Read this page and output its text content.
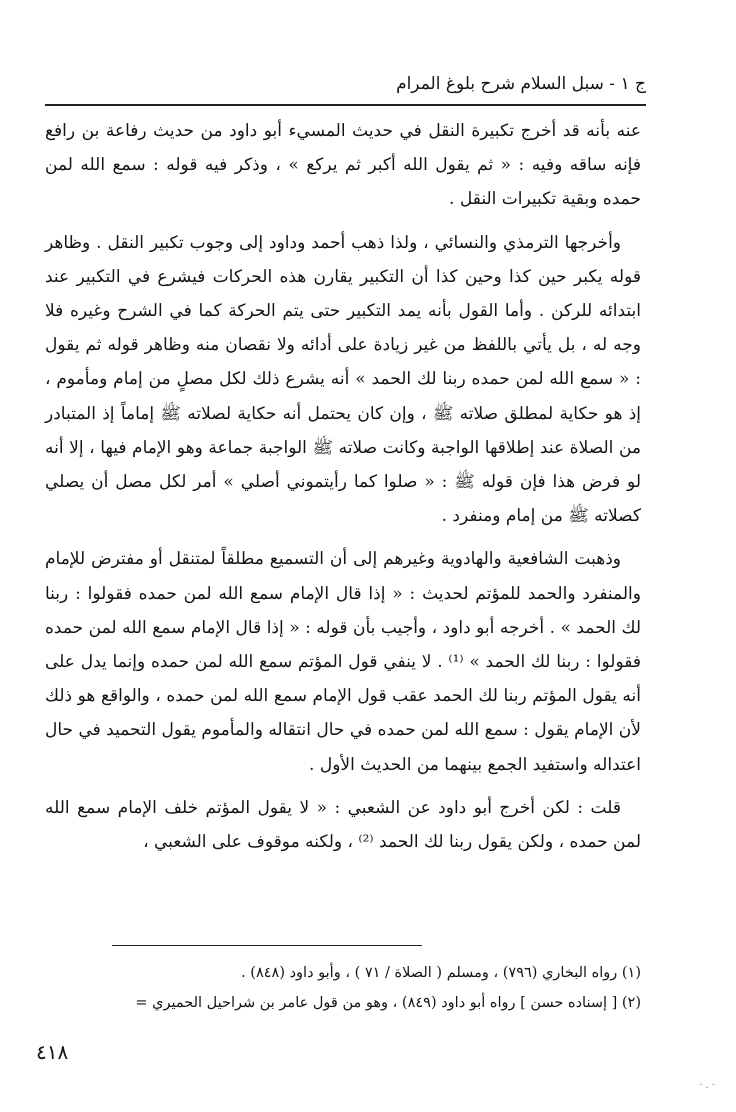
ج ١ - سبل السلام شرح بلوغ المرام

عنه بأنه قد أخرج تكبيرة النقل في حديث المسيء أبو داود من حديث رفاعة بن رافع فإنه ساقه وفيه : « ثم يقول الله أكبر ثم يركع » ، وذكر فيه قوله : سمع الله لمن حمده وبقية تكبيرات النقل .

وأخرجها الترمذي والنسائي ، ولذا ذهب أحمد وداود إلى وجوب تكبير النقل . وظاهر قوله يكبر حين كذا وحين كذا أن التكبير يقارن هذه الحركات فيشرع في التكبير عند ابتدائه للركن . وأما القول بأنه يمد التكبير حتى يتم الحركة كما في الشرح وغيره فلا وجه له ، بل يأتي باللفظ من غير زيادة على أدائه ولا نقصان منه وظاهر قوله ثم يقول : « سمع الله لمن حمده ربنا لك الحمد » أنه يشرع ذلك لكل مصلٍ من إمام ومأموم ، إذ هو حكاية لمطلق صلاته ﷺ ، وإن كان يحتمل أنه حكاية لصلاته ﷺ إماماً إذ المتبادر من الصلاة عند إطلاقها الواجبة وكانت صلاته ﷺ الواجبة جماعة وهو الإمام فيها ، إلا أنه لو فرض هذا فإن قوله ﷺ : « صلوا كما رأيتموني أصلي » أمر لكل مصل أن يصلي كصلاته ﷺ من إمام ومنفرد .

وذهبت الشافعية والهادوية وغيرهم إلى أن التسميع مطلقاً لمتنقل أو مفترض للإمام والمنفرد والحمد للمؤتم لحديث : « إذا قال الإمام سمع الله لمن حمده فقولوا : ربنا لك الحمد » . أخرجه أبو داود ، وأجيب بأن قوله : « إذا قال الإمام سمع الله لمن حمده فقولوا : ربنا لك الحمد » ⁽¹⁾ . لا ينفي قول المؤتم سمع الله لمن حمده وإنما يدل على أنه يقول المؤتم ربنا لك الحمد عقب قول الإمام سمع الله لمن حمده ، والواقع هو ذلك لأن الإمام يقول : سمع الله لمن حمده في حال انتقاله والمأموم يقول التحميد في حال اعتداله واستفيد الجمع بينهما من الحديث الأول .

قلت : لكن أخرج أبو داود عن الشعبي : « لا يقول المؤتم خلف الإمام سمع الله لمن حمده ، ولكن يقول ربنا لك الحمد ⁽²⁾ ، ولكنه موقوف على الشعبي ،

(١) رواه البخاري (٧٩٦) ، ومسلم ( الصلاة / ٧١ ) ، وأبو داود (٨٤٨) .

(٢) [ إسناده حسن ] رواه أبو داود (٨٤٩) ، وهو من قول عامر بن شراحيل الحميري =

٤١٨
·.·
